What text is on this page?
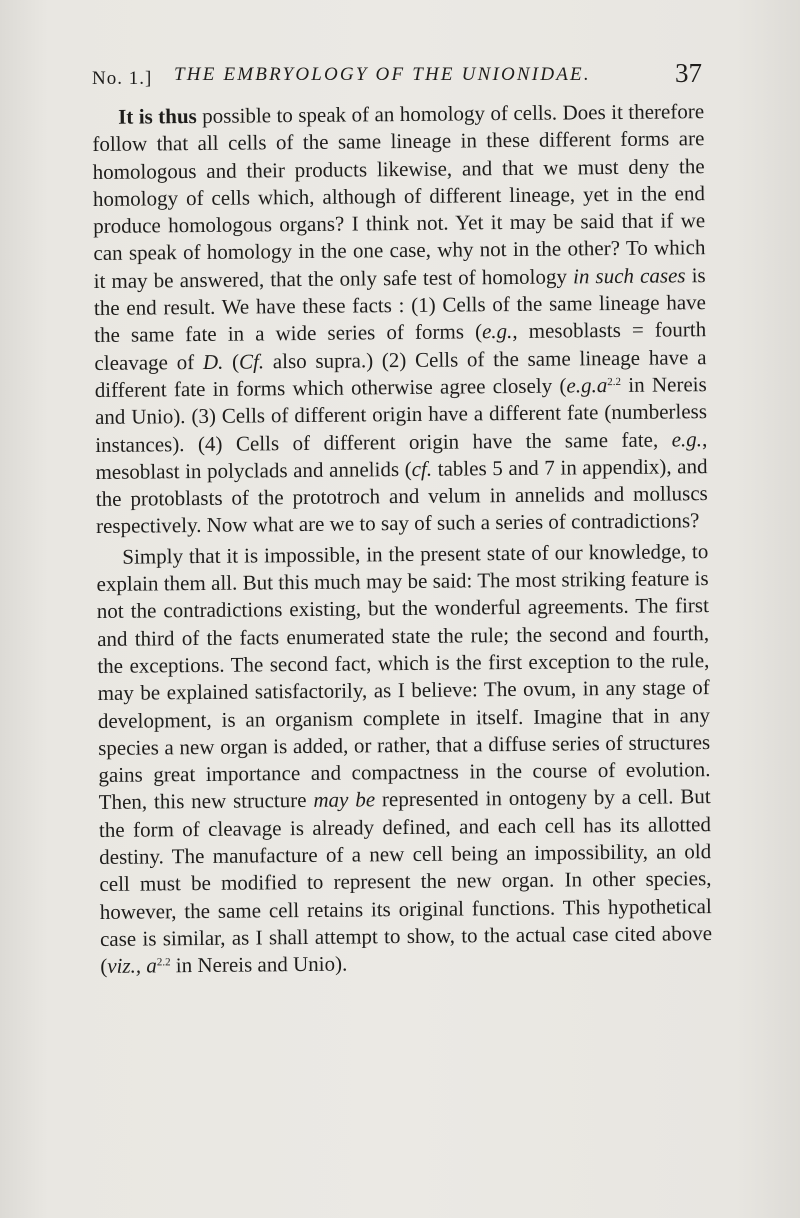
No. 1.] THE EMBRYOLOGY OF THE UNIONIDAE.	37

It is thus possible to speak of an homology of cells. Does it therefore follow that all cells of the same lineage in these different forms are homologous and their products likewise, and that we must deny the homology of cells which, although of different lineage, yet in the end produce homologous organs? I think not. Yet it may be said that if we can speak of homology in the one case, why not in the other? To which it may be answered, that the only safe test of homology in such cases is the end result. We have these facts : (1) Cells of the same lineage have the same fate in a wide series of forms (e.g., mesoblasts = fourth cleavage of D. (Cf. also supra.) (2) Cells of the same lineage have a different fate in forms which otherwise agree closely ($e.g.a^{2.2}$ in Nereis and Unio). (3) Cells of different origin have a different fate (numberless instances). (4) Cells of different origin have the same fate, e.g., mesoblast in polyclads and annelids (cf. tables 5 and 7 in appendix), and the protoblasts of the prototroch and velum in annelids and molluscs respectively. Now what are we to say of such a series of contradictions?

Simply that it is impossible, in the present state of our knowledge, to explain them all. But this much may be said: The most striking feature is not the contradictions existing, but the wonderful agreements. The first and third of the facts enumerated state the rule; the second and fourth, the exceptions. The second fact, which is the first exception to the rule, may be explained satisfactorily, as I believe: The ovum, in any stage of development, is an organism complete in itself. Imagine that in any species a new organ is added, or rather, that a diffuse series of structures gains great importance and compactness in the course of evolution. Then, this new structure may be represented in ontogeny by a cell. But the form of cleavage is already defined, and each cell has its allotted destiny. The manufacture of a new cell being an impossibility, an old cell must be modified to represent the new organ. In other species, however, the same cell retains its original functions. This hypothetical case is similar, as I shall attempt to show, to the actual case cited above (viz., $a^{2.2}$ in Nereis and Unio).
